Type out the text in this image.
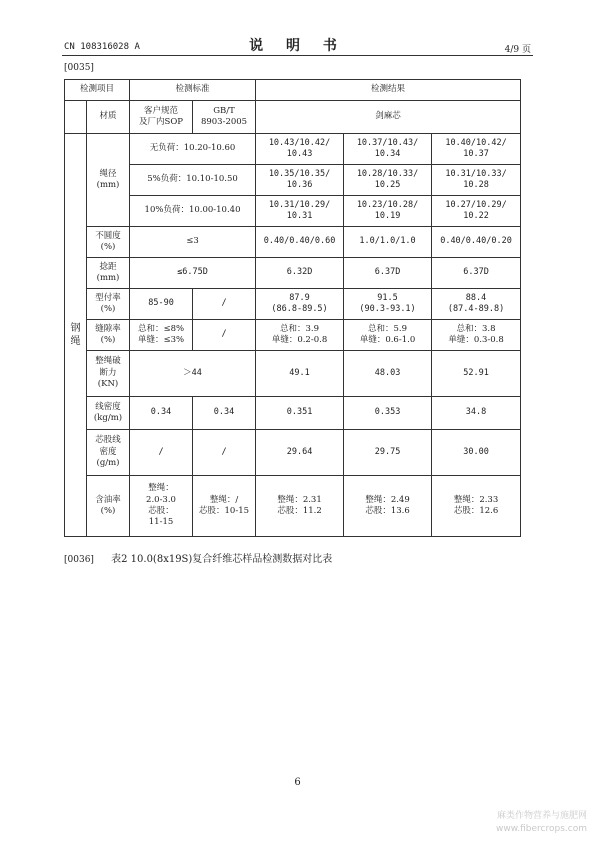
CN 108316028 A	说 明 书	4/9 页
[0035]
检测项目		检测标准		检测结果		
	材质	客户规范
及厂内SOP	GB/T
8903-2005	剑麻芯		
钢
绳	绳径
(mm)	无负荷：10.20-10.60		10.43/10.42/
10.43	10.37/10.43/
10.34	10.40/10.42/
10.37
		5%负荷：10.10-10.50		10.35/10.35/
10.36	10.28/10.33/
10.25	10.31/10.33/
10.28
		10%负荷：10.00-10.40		10.31/10.29/
10.31	10.23/10.28/
10.19	10.27/10.29/
10.22
	不圆度
(%)	≤3		0.40/0.40/0.60	1.0/1.0/1.0	0.40/0.40/0.20
	捻距
(mm)	≤6.75D		6.32D	6.37D	6.37D
	型付率
(%)	85-90	/	87.9
(86.8-89.5)	91.5
(90.3-93.1)	88.4
(87.4-89.8)
	缝隙率
(%)	总和：≤8%
单缝：≤3%	/	总和：3.9
单缝：0.2-0.8	总和：5.9
单缝：0.6-1.0	总和：3.8
单缝：0.3-0.8
	整绳破
断力
(KN)	＞44		49.1	48.03	52.91
	线密度
(kg/m)	0.34	0.34	0.351	0.353	34.8
	芯股线
密度
(g/m)	/	/	29.64	29.75	30.00
	含油率
(%)	整绳：
2.0-3.0
芯股：
11-15	整绳：/
芯股：10-15	整绳：2.31
芯股：11.2	整绳：2.49
芯股：13.6	整绳：2.33
芯股：12.6
[0036] 表2 10.0(8x19S)复合纤维芯样品检测数据对比表
6
麻类作物营养与施肥网
www.fibercrops.com
